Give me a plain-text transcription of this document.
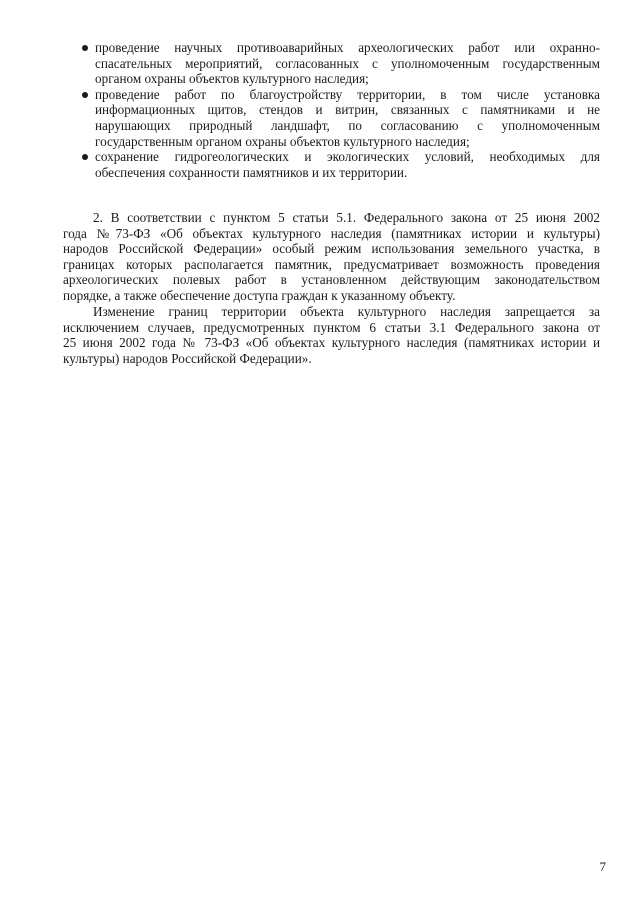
проведение научных противоаварийных археологических работ или охранно-
спасательных мероприятий, согласованных с уполномоченным государственным
органом охраны объектов культурного наследия;
проведение работ по благоустройству территории, в том числе установка
информационных щитов, стендов и витрин, связанных с памятниками и не
нарушающих природный ландшафт, по согласованию с уполномоченным
государственным органом охраны объектов культурного наследия;
сохранение гидрогеологических и экологических условий, необходимых для
обеспечения сохранности памятников и их территории.
2. В соответствии с пунктом 5 статьи 5.1. Федерального закона от 25 июня 2002
года №73-ФЗ «Об объектах культурного наследия (памятниках истории и культуры)
народов Российской Федерации» особый режим использования земельного участка, в
границах которых располагается памятник, предусматривает возможность проведения
археологических полевых работ в установленном действующим законодательством
порядке, а также обеспечение доступа граждан к указанному объекту.
Изменение границ территории объекта культурного наследия запрещается за
исключением случаев, предусмотренных пунктом 6 статьи 3.1 Федерального закона от
25 июня 2002 года № 73-ФЗ «Об объектах культурного наследия (памятниках истории и
культуры) народов Российской Федерации».
7
